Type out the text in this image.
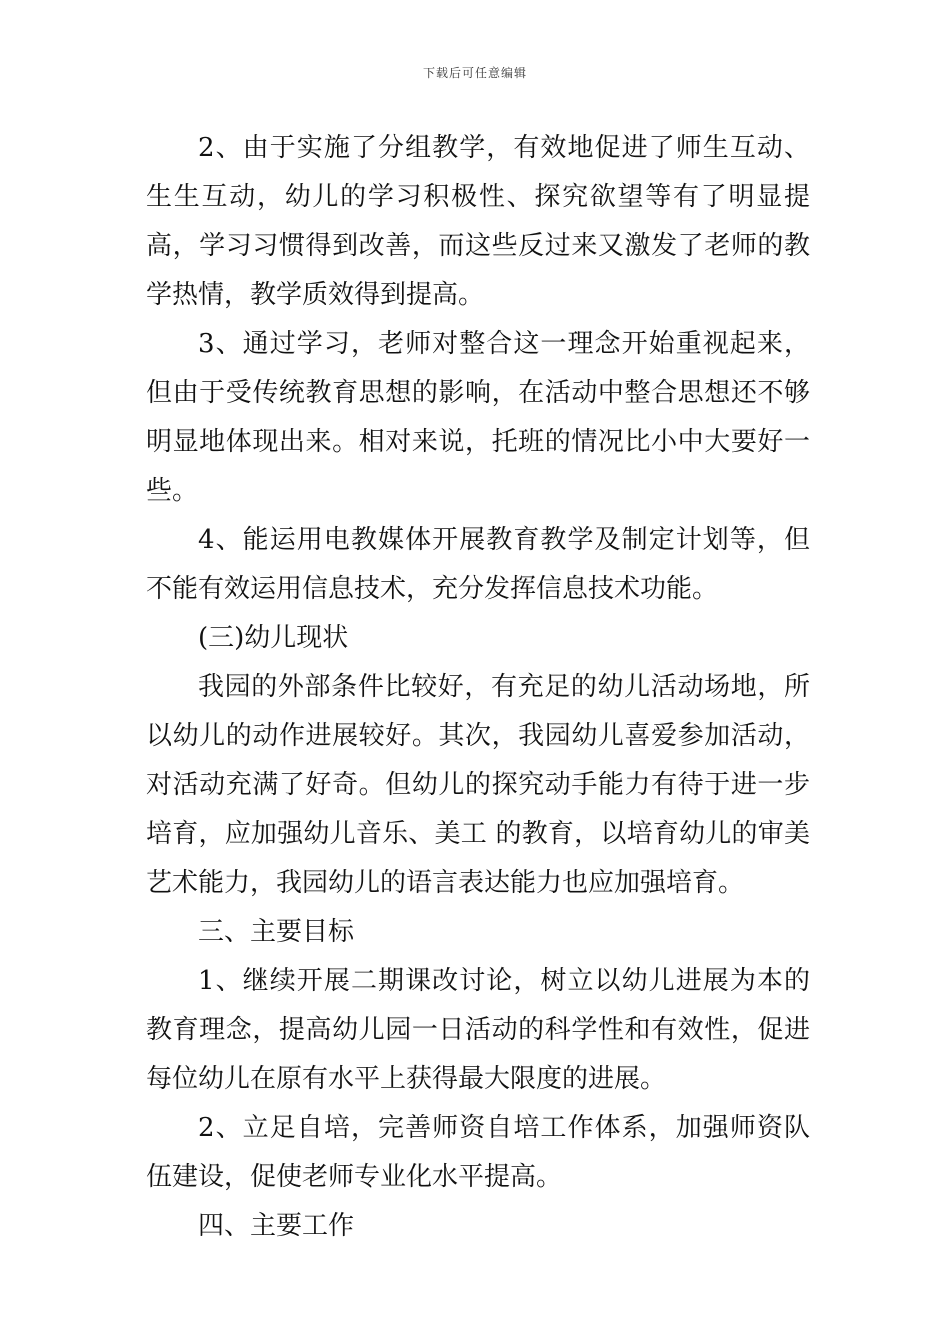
下载后可任意编辑

2、由于实施了分组教学，有效地促进了师生互动、生生互动，幼儿的学习积极性、探究欲望等有了明显提高，学习习惯得到改善，而这些反过来又激发了老师的教学热情，教学质效得到提高。

3、通过学习，老师对整合这一理念开始重视起来，但由于受传统教育思想的影响，在活动中整合思想还不够明显地体现出来。相对来说，托班的情况比小中大要好一些。

4、能运用电教媒体开展教育教学及制定计划等，但不能有效运用信息技术，充分发挥信息技术功能。

(三)幼儿现状

我园的外部条件比较好，有充足的幼儿活动场地，所以幼儿的动作进展较好。其次，我园幼儿喜爱参加活动，对活动充满了好奇。但幼儿的探究动手能力有待于进一步培育，应加强幼儿音乐、美工 的教育，以培育幼儿的审美艺术能力，我园幼儿的语言表达能力也应加强培育。

三、主要目标

1、继续开展二期课改讨论，树立以幼儿进展为本的教育理念，提高幼儿园一日活动的科学性和有效性，促进每位幼儿在原有水平上获得最大限度的进展。

2、立足自培，完善师资自培工作体系，加强师资队伍建设，促使老师专业化水平提高。

四、主要工作
